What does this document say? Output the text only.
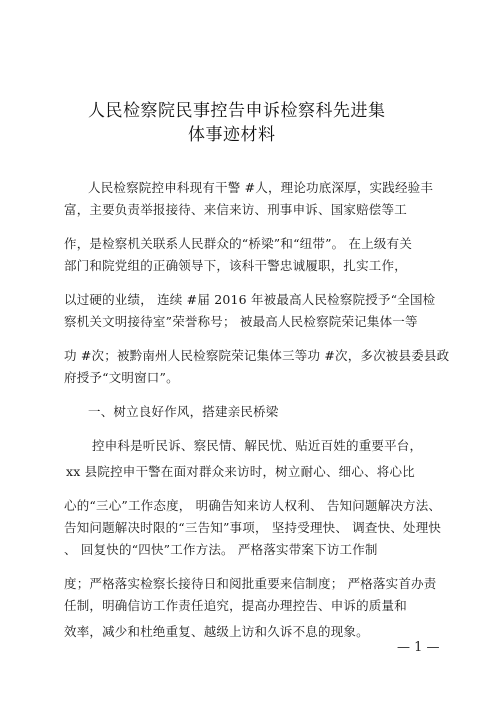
人民检察院民事控告申诉检察科先进集
体事迹材料
人民检察院控申科现有干警 #人，理论功底深厚，实践经验丰
富，主要负责举报接待、来信来访、刑事申诉、国家赔偿等工
作，是检察机关联系人民群众的“桥梁”和“纽带”。 在上级有关
部门和院党组的正确领导下，该科干警忠诚履职，扎实工作，
以过硬的业绩， 连续 #届 2016 年被最高人民检察院授予“全国检
察机关文明接待室”荣誉称号； 被最高人民检察院荣记集体一等
功 #次；被黔南州人民检察院荣记集体三等功 #次，多次被县委县政
府授予“文明窗口”。
一、树立良好作风，搭建亲民桥梁
控申科是听民诉、察民情、解民忧、贴近百姓的重要平台，
xx 县院控申干警在面对群众来访时，树立耐心、细心、将心比
心的“三心”工作态度， 明确告知来访人权利、 告知问题解决方法、
告知问题解决时限的“三告知”事项， 坚持受理快、 调查快、处理快
、 回复快的“四快”工作方法。 严格落实带案下访工作制
度；严格落实检察长接待日和阅批重要来信制度； 严格落实首办责
任制，明确信访工作责任追究，提高办理控告、申诉的质量和
效率，减少和杜绝重复、越级上访和久诉不息的现象。
— 1 —
